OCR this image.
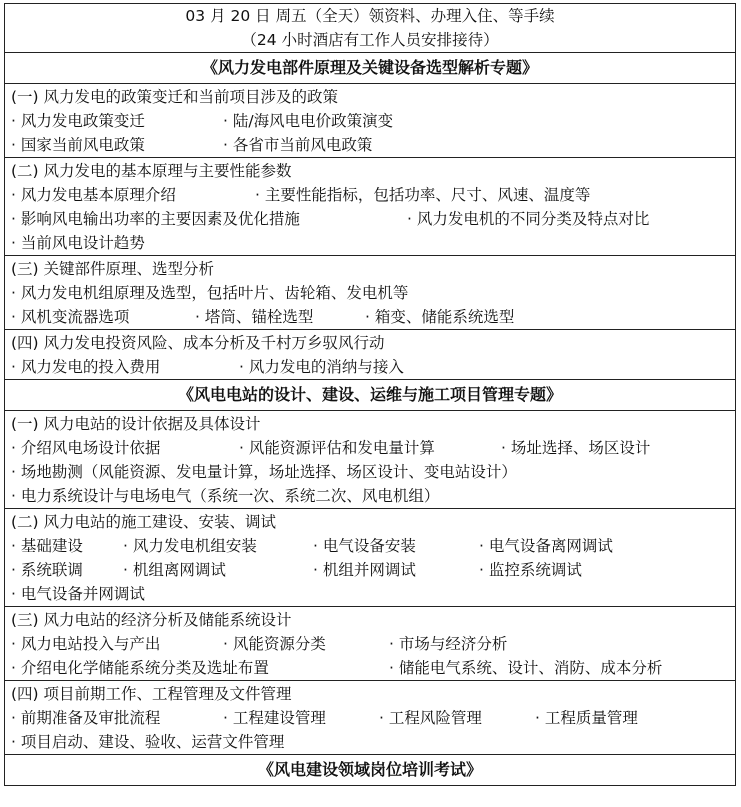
03 月 20 日 周五（全天）领资料、办理入住、等手续
（24 小时酒店有工作人员安排接待）
《风力发电部件原理及关键设备选型解析专题》
(一) 风力发电的政策变迁和当前项目涉及的政策
· 风力发电政策变迁	· 陆/海风电电价政策演变
· 国家当前风电政策	· 各省市当前风电政策
(二) 风力发电的基本原理与主要性能参数
· 风力发电基本原理介绍	· 主要性能指标，包括功率、尺寸、风速、温度等
· 影响风电输出功率的主要因素及优化措施	· 风力发电机的不同分类及特点对比
· 当前风电设计趋势
(三) 关键部件原理、选型分析
· 风力发电机组原理及选型，包括叶片、齿轮箱、发电机等
· 风机变流器选项	· 塔筒、锚栓选型	· 箱变、储能系统选型
(四) 风力发电投资风险、成本分析及千村万乡驭风行动
· 风力发电的投入费用	· 风力发电的消纳与接入
《风电电站的设计、建设、运维与施工项目管理专题》
(一) 风力电站的设计依据及具体设计
· 介绍风电场设计依据	· 风能资源评估和发电量计算	· 场址选择、场区设计
· 场地勘测（风能资源、发电量计算，场址选择、场区设计、变电站设计）
· 电力系统设计与电场电气（系统一次、系统二次、风电机组）
(二) 风力电站的施工建设、安装、调试
· 基础建设	· 风力发电机组安装	· 电气设备安装	· 电气设备离网调试
· 系统联调	· 机组离网调试	· 机组并网调试	· 监控系统调试
· 电气设备并网调试
(三) 风力电站的经济分析及储能系统设计
· 风力电站投入与产出	· 风能资源分类	· 市场与经济分析
· 介绍电化学储能系统分类及选址布置	· 储能电气系统、设计、消防、成本分析
(四) 项目前期工作、工程管理及文件管理
· 前期准备及审批流程	· 工程建设管理	· 工程风险管理	· 工程质量管理
· 项目启动、建设、验收、运营文件管理
《风电建设领域岗位培训考试》
